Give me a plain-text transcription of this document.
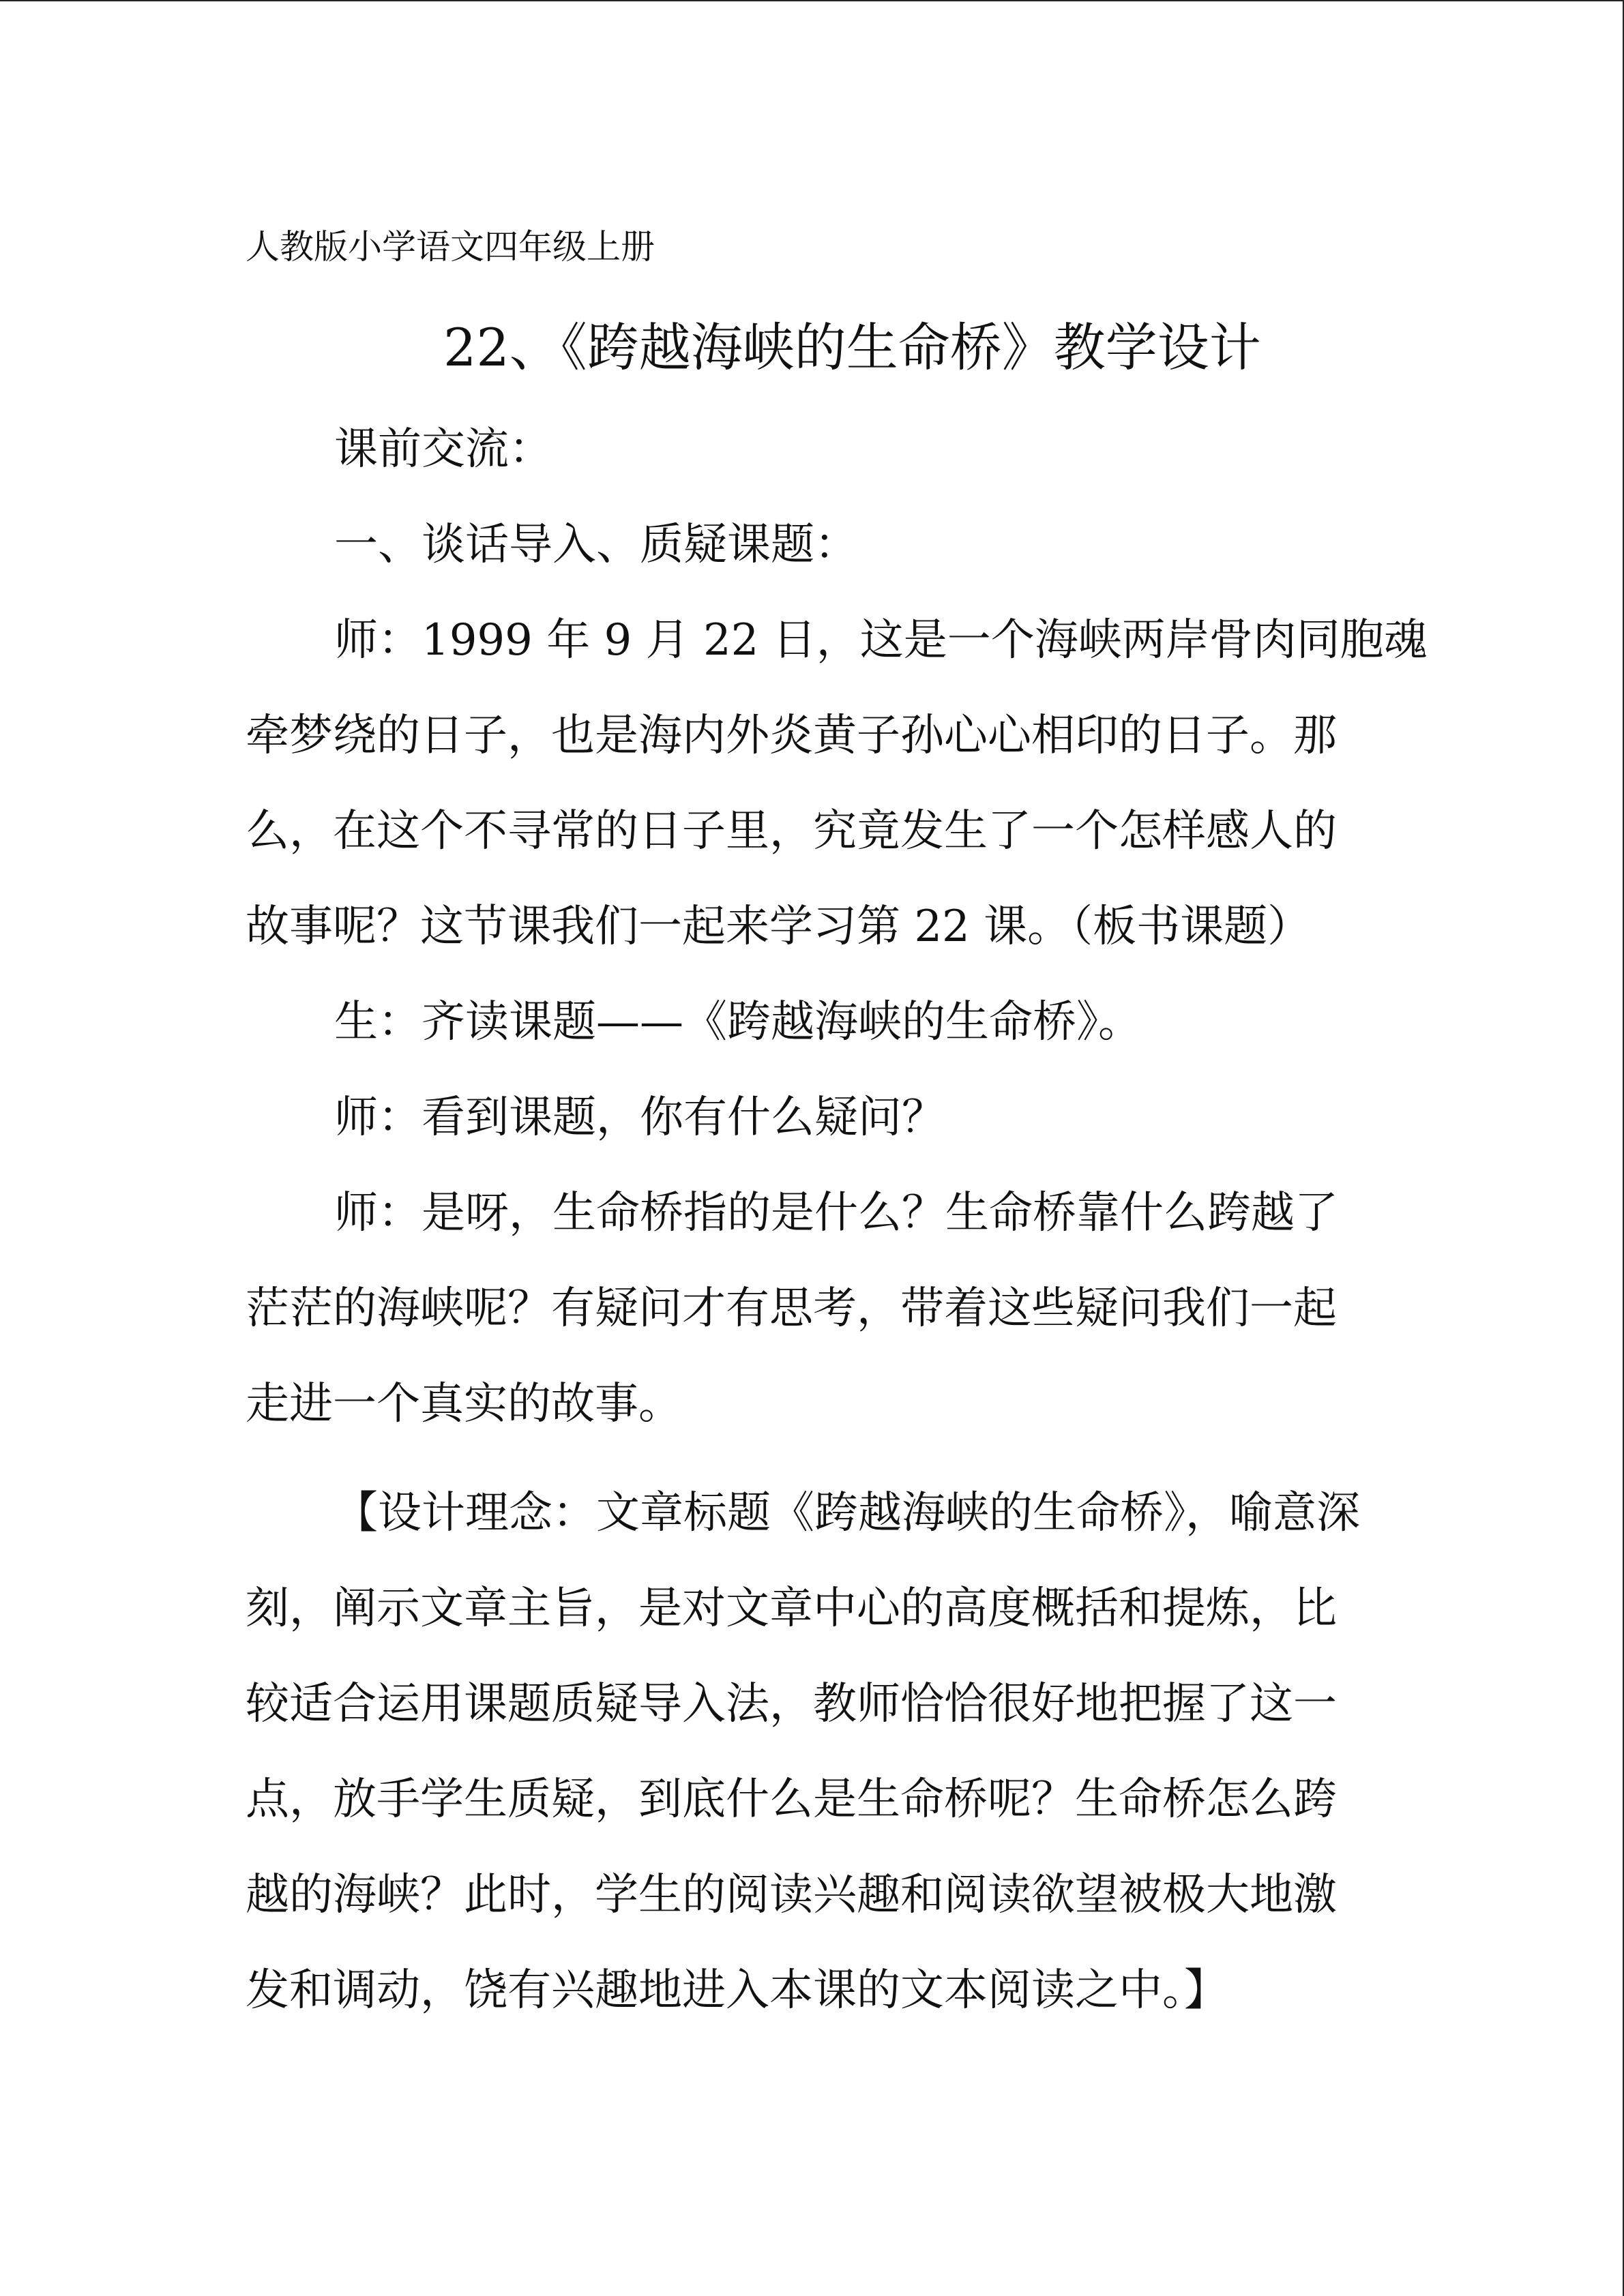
人教版小学语文四年级上册
22、《跨越海峡的生命桥》教学设计
课前交流：
一、谈话导入、质疑课题：
师：1999 年 9 月 22 日，这是一个海峡两岸骨肉同胞魂
牵梦绕的日子，也是海内外炎黄子孙心心相印的日子。那
么，在这个不寻常的日子里，究竟发生了一个怎样感人的
故事呢？这节课我们一起来学习第 22 课。（板书课题）
生：齐读课题——《跨越海峡的生命桥》。
师：看到课题，你有什么疑问？
师：是呀，生命桥指的是什么？生命桥靠什么跨越了
茫茫的海峡呢？有疑问才有思考，带着这些疑问我们一起
走进一个真实的故事。
【设计理念：文章标题《跨越海峡的生命桥》，喻意深
刻，阐示文章主旨，是对文章中心的高度概括和提炼，比
较适合运用课题质疑导入法，教师恰恰很好地把握了这一
点，放手学生质疑，到底什么是生命桥呢？生命桥怎么跨
越的海峡？此时，学生的阅读兴趣和阅读欲望被极大地激
发和调动，饶有兴趣地进入本课的文本阅读之中。】
